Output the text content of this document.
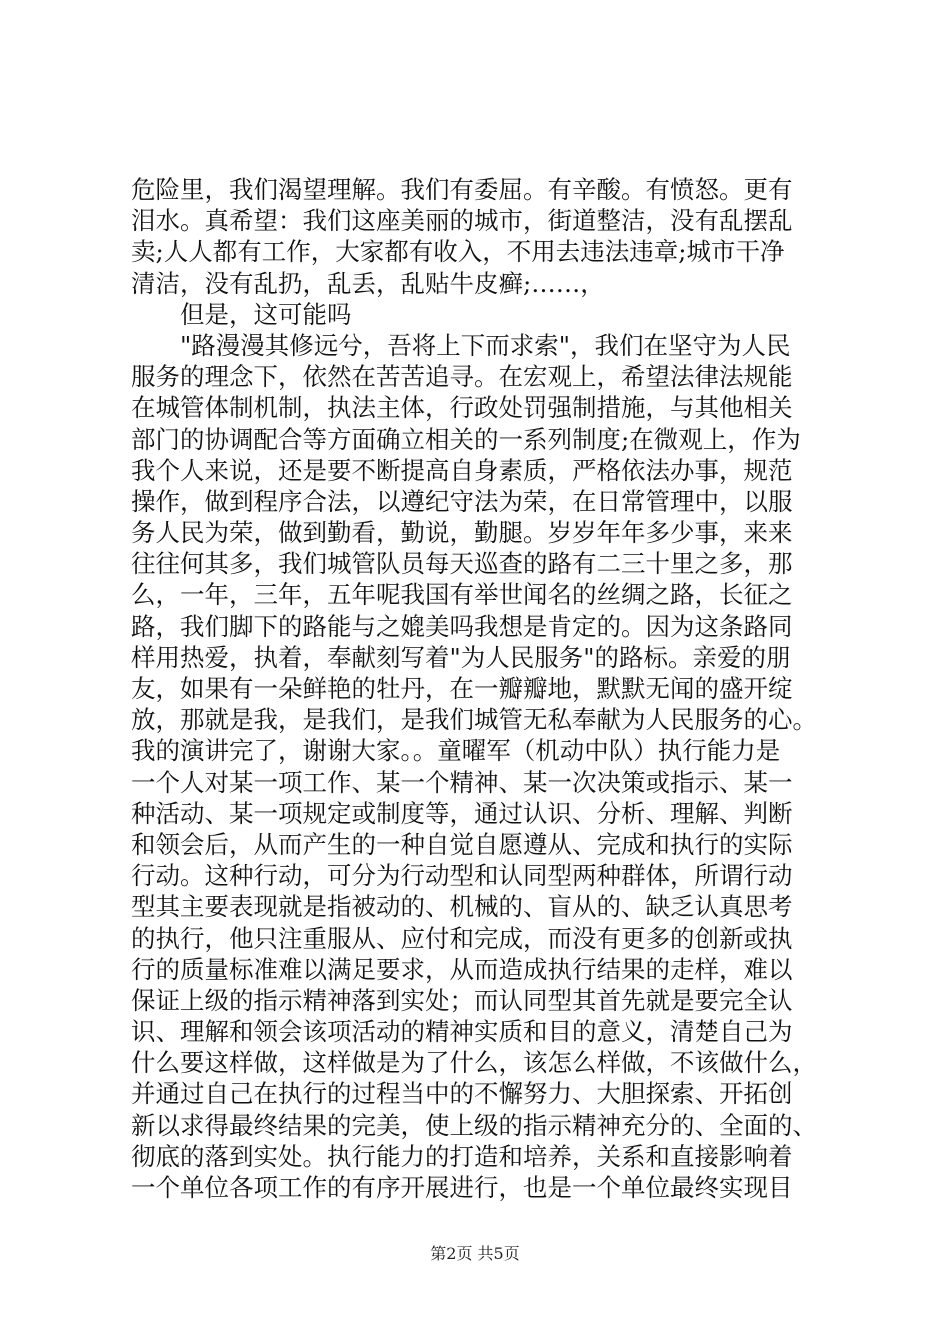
危险里，我们渴望理解。我们有委屈。有辛酸。有愤怒。更有
泪水。真希望：我们这座美丽的城市，街道整洁，没有乱摆乱
卖;人人都有工作，大家都有收入，不用去违法违章;城市干净
清洁，没有乱扔，乱丢，乱贴牛皮癣;……，
但是，这可能吗
"路漫漫其修远兮，吾将上下而求索"，我们在坚守为人民
服务的理念下，依然在苦苦追寻。在宏观上，希望法律法规能
在城管体制机制，执法主体，行政处罚强制措施，与其他相关
部门的协调配合等方面确立相关的一系列制度;在微观上，作为
我个人来说，还是要不断提高自身素质，严格依法办事，规范
操作，做到程序合法，以遵纪守法为荣，在日常管理中，以服
务人民为荣，做到勤看，勤说，勤腿。岁岁年年多少事，来来
往往何其多，我们城管队员每天巡查的路有二三十里之多，那
么，一年，三年，五年呢我国有举世闻名的丝绸之路，长征之
路，我们脚下的路能与之媲美吗我想是肯定的。因为这条路同
样用热爱，执着，奉献刻写着"为人民服务"的路标。亲爱的朋
友，如果有一朵鲜艳的牡丹，在一瓣瓣地，默默无闻的盛开绽
放，那就是我，是我们，是我们城管无私奉献为人民服务的心。
我的演讲完了，谢谢大家。。童曜军（机动中队）执行能力是
一个人对某一项工作、某一个精神、某一次决策或指示、某一
种活动、某一项规定或制度等，通过认识、分析、理解、判断
和领会后，从而产生的一种自觉自愿遵从、完成和执行的实际
行动。这种行动，可分为行动型和认同型两种群体，所谓行动
型其主要表现就是指被动的、机械的、盲从的、缺乏认真思考
的执行，他只注重服从、应付和完成，而没有更多的创新或执
行的质量标准难以满足要求，从而造成执行结果的走样，难以
保证上级的指示精神落到实处；而认同型其首先就是要完全认
识、理解和领会该项活动的精神实质和目的意义，清楚自己为
什么要这样做，这样做是为了什么，该怎么样做，不该做什么，
并通过自己在执行的过程当中的不懈努力、大胆探索、开拓创
新以求得最终结果的完美，使上级的指示精神充分的、全面的、
彻底的落到实处。执行能力的打造和培养，关系和直接影响着
一个单位各项工作的有序开展进行，也是一个单位最终实现目
第2页 共5页
